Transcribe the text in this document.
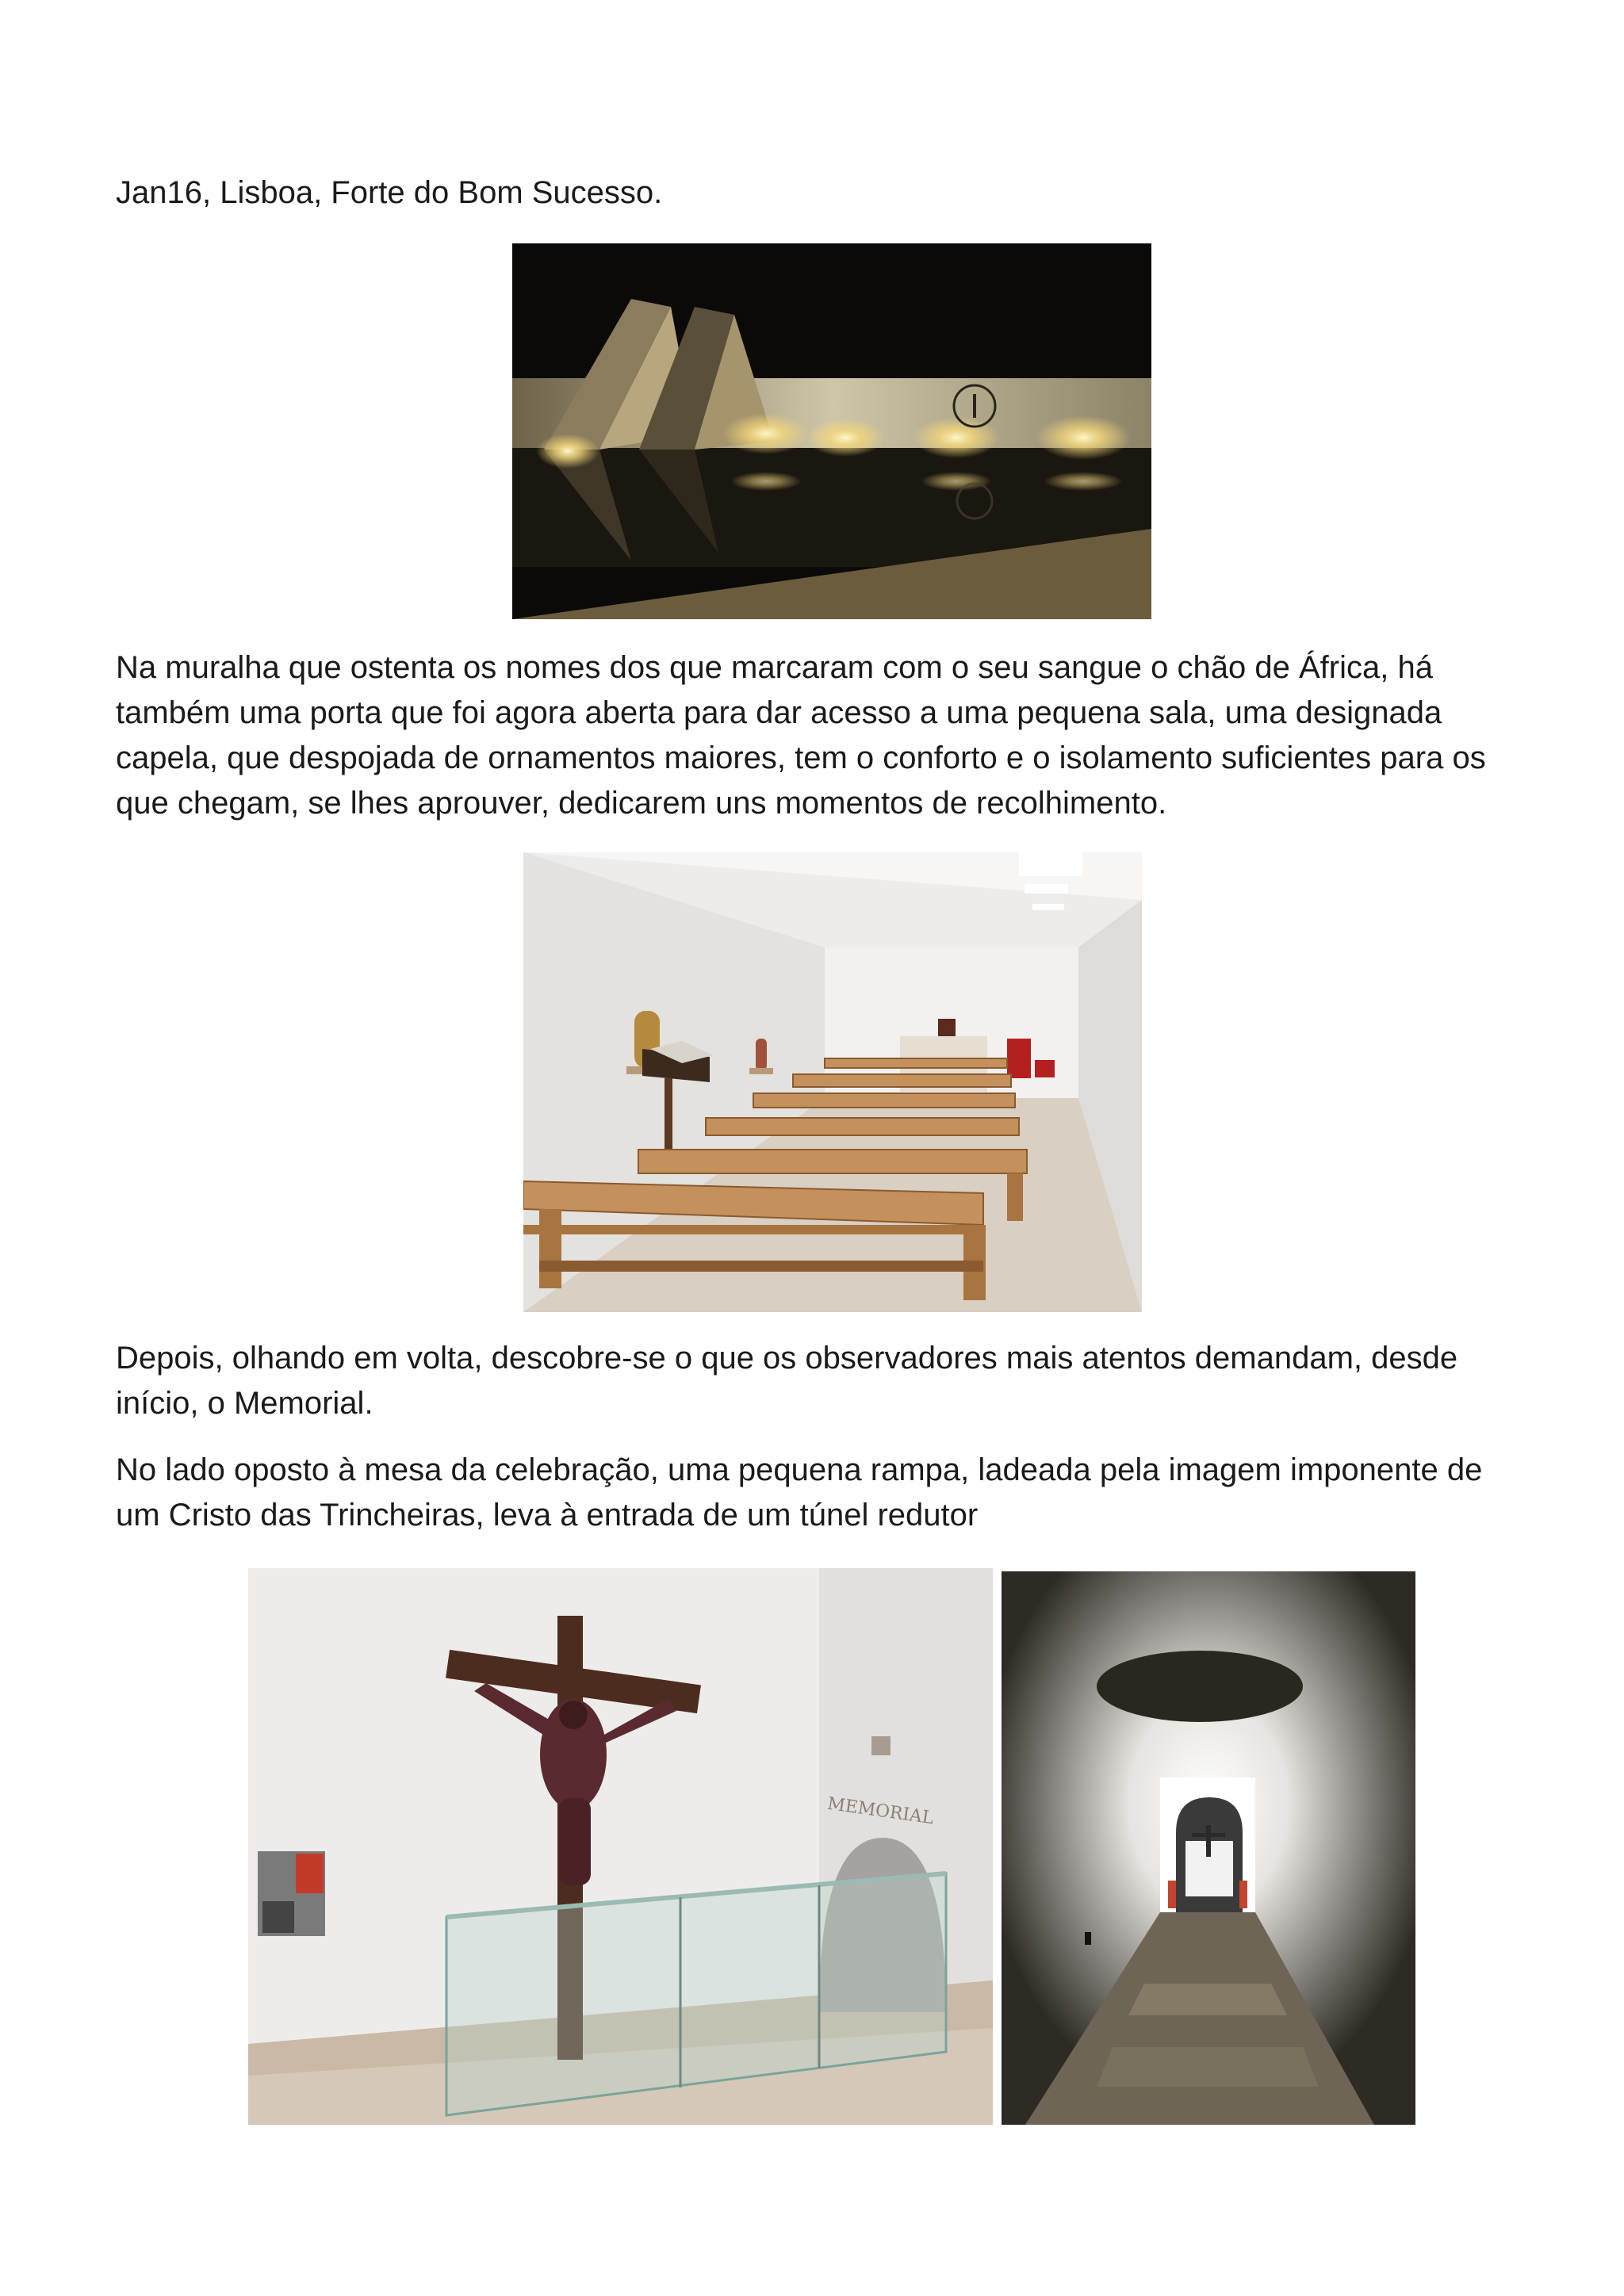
Jan16, Lisboa, Forte do Bom Sucesso.

Na muralha que ostenta os nomes dos que marcaram com o seu sangue o chão de África, há também uma porta que foi agora aberta para dar acesso a uma pequena sala, uma designada capela, que despojada de ornamentos maiores, tem o conforto e o isolamento suficientes para os que chegam, se lhes aprouver, dedicarem uns momentos de recolhimento.

Depois, olhando em volta, descobre-se o que os observadores mais atentos demandam, desde início, o Memorial.

No lado oposto à mesa da celebração, uma pequena rampa, ladeada pela imagem imponente de um Cristo das Trincheiras, leva à entrada de um túnel redutor

MEMORIAL
